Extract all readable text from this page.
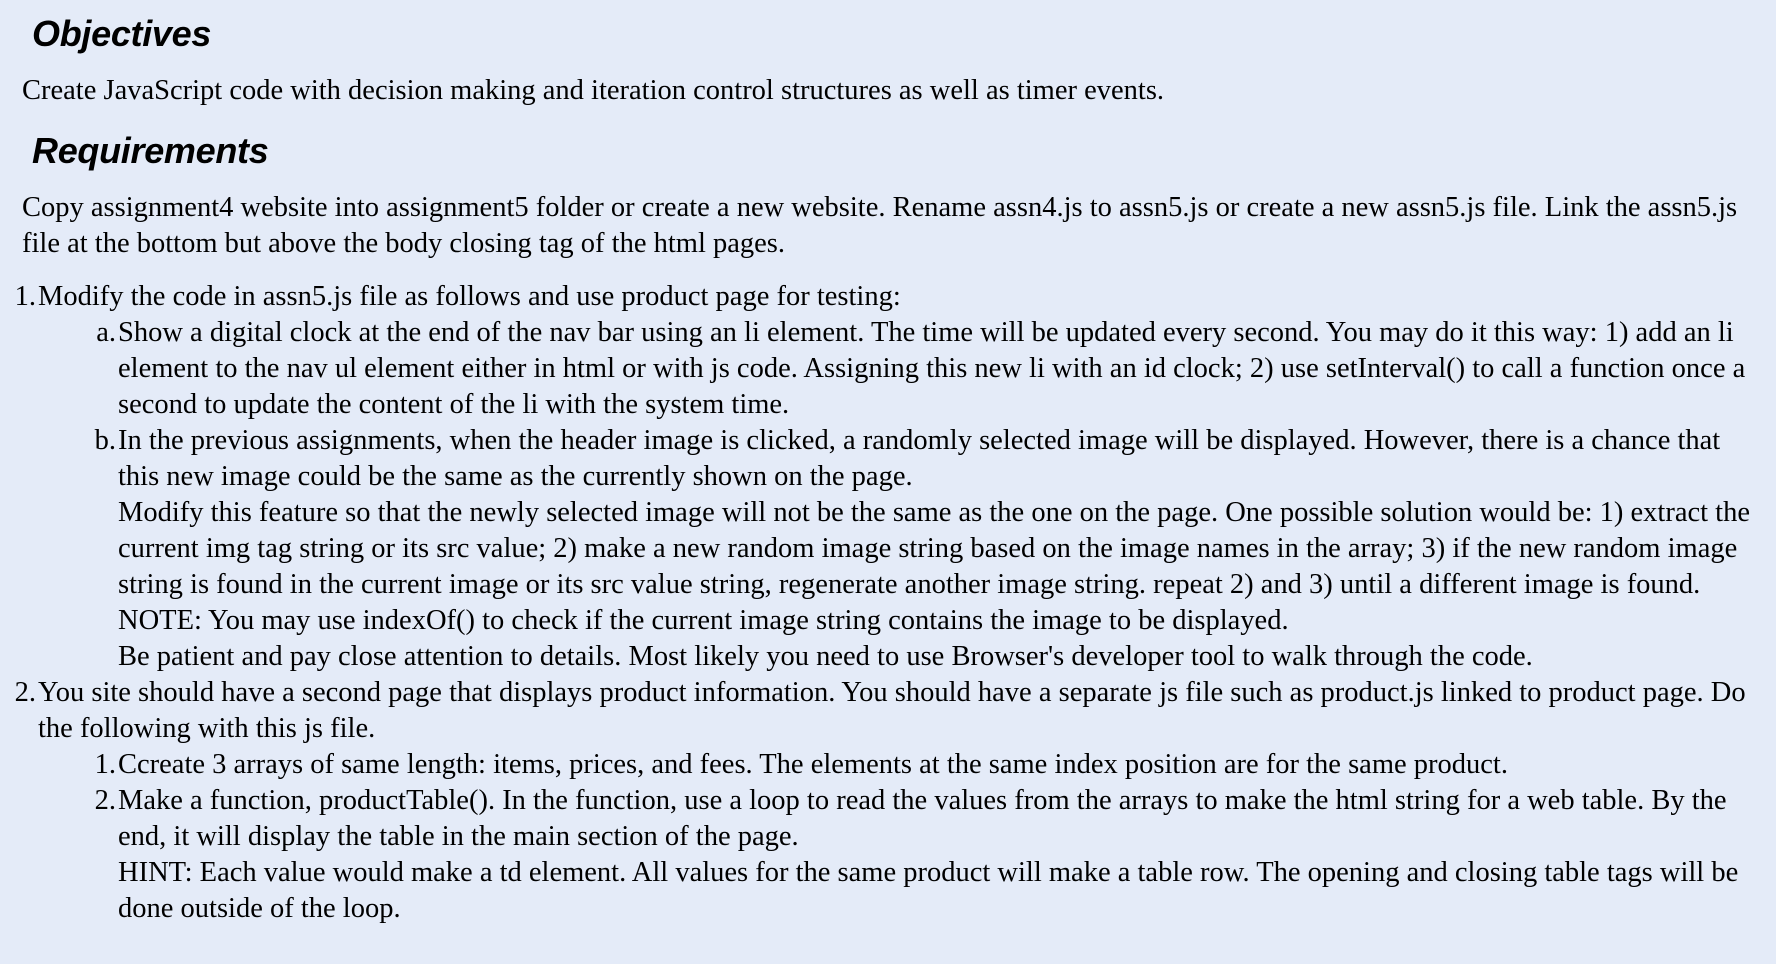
Objectives

Create JavaScript code with decision making and iteration control structures as well as timer events.

Requirements

Copy assignment4 website into assignment5 folder or create a new website. Rename assn4.js to assn5.js or create a new assn5.js file. Link the assn5.js file at the bottom but above the body closing tag of the html pages.

1. Modify the code in assn5.js file as follows and use product page for testing:
a. Show a digital clock at the end of the nav bar using an li element. The time will be updated every second. You may do it this way: 1) add an li element to the nav ul element either in html or with js code. Assigning this new li with an id clock; 2) use setInterval() to call a function once a second to update the content of the li with the system time.
b. In the previous assignments, when the header image is clicked, a randomly selected image will be displayed. However, there is a chance that this new image could be the same as the currently shown on the page.
Modify this feature so that the newly selected image will not be the same as the one on the page. One possible solution would be: 1) extract the current img tag string or its src value; 2) make a new random image string based on the image names in the array; 3) if the new random image string is found in the current image or its src value string, regenerate another image string. repeat 2) and 3) until a different image is found.
NOTE: You may use indexOf() to check if the current image string contains the image to be displayed.
Be patient and pay close attention to details. Most likely you need to use Browser's developer tool to walk through the code.
2. You site should have a second page that displays product information. You should have a separate js file such as product.js linked to product page. Do the following with this js file.
1. Ccreate 3 arrays of same length: items, prices, and fees. The elements at the same index position are for the same product.
2. Make a function, productTable(). In the function, use a loop to read the values from the arrays to make the html string for a web table. By the end, it will display the table in the main section of the page.
HINT: Each value would make a td element. All values for the same product will make a table row. The opening and closing table tags will be done outside of the loop.
